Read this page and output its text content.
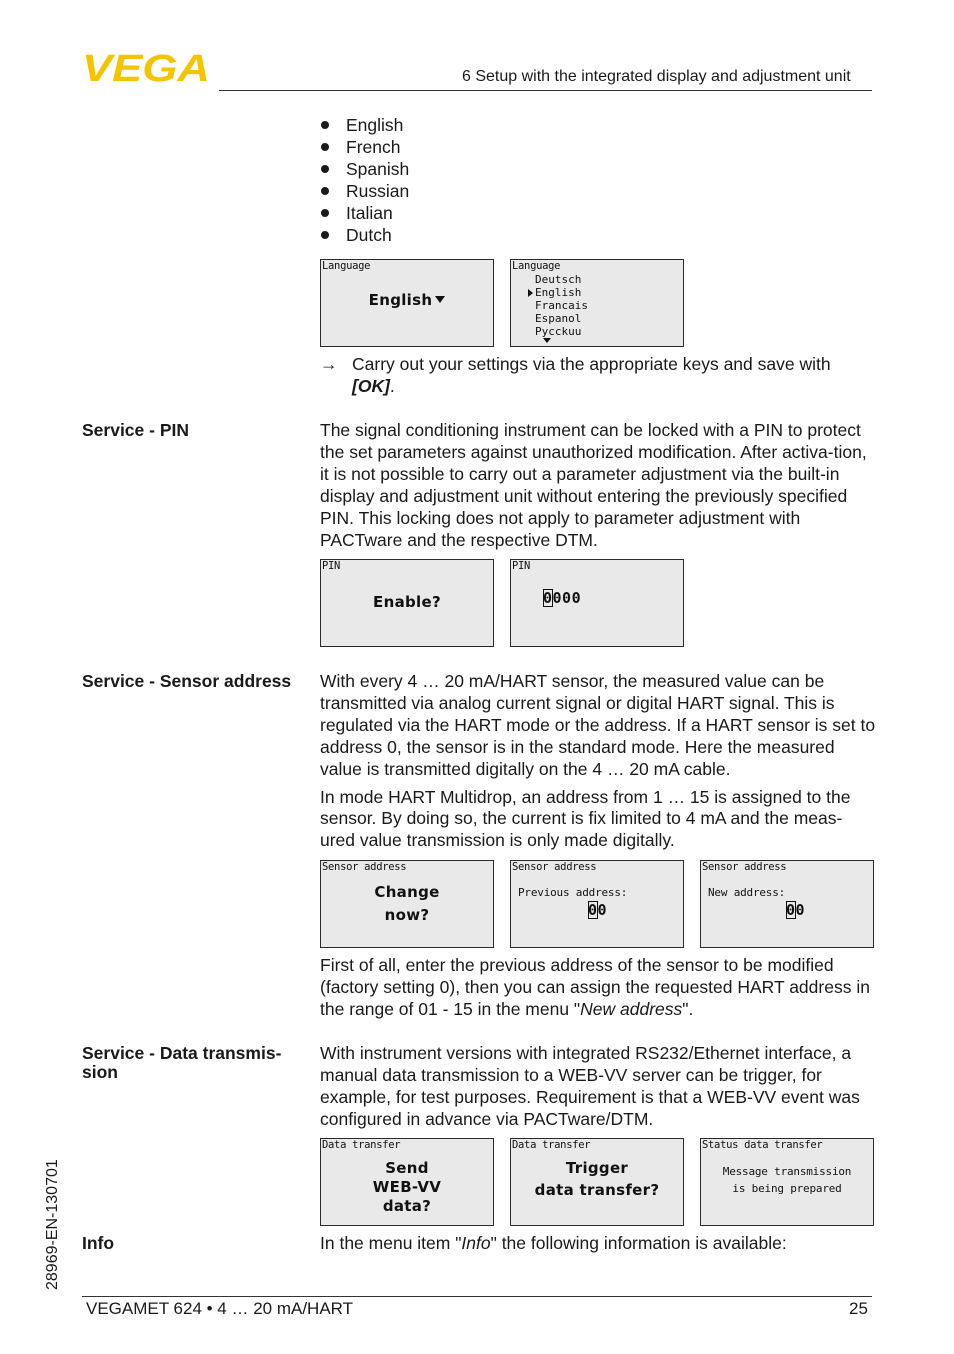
VEGA	6 Setup with the integrated display and adjustment unit
English
French
Spanish
Russian
Italian
Dutch
Language
English
Language
Deutsch
English
Francais
Espanol
Pycckuu
→ Carry out your settings via the appropriate keys and save with [OK].
Service - PIN	The signal conditioning instrument can be locked with a PIN to protect the set parameters against unauthorized modification. After activa-tion, it is not possible to carry out a parameter adjustment via the built-in display and adjustment unit without entering the previously specified PIN. This locking does not apply to parameter adjustment with PACTware and the respective DTM.

PIN
Enable?
PIN
0000
Service - Sensor address	With every 4 … 20 mA/HART sensor, the measured value can be transmitted via analog current signal or digital HART signal. This is regulated via the HART mode or the address. If a HART sensor is set to address 0, the sensor is in the standard mode. Here the measured value is transmitted digitally on the 4 … 20 mA cable.

In mode HART Multidrop, an address from 1 … 15 is assigned to the sensor. By doing so, the current is fix limited to 4 mA and the meas-ured value transmission is only made digitally.

Sensor address
Change
now?
Sensor address
Previous address:
00
Sensor address
New address:
00

First of all, enter the previous address of the sensor to be modified (factory setting 0), then you can assign the requested HART address in the range of 01 - 15 in the menu "New address".

Service - Data transmis-
sion

With instrument versions with integrated RS232/Ethernet interface, a manual data transmission to a WEB-VV server can be trigger, for example, for test purposes. Requirement is that a WEB-VV event was configured in advance via PACTware/DTM.

Data transfer
Send
WEB-VV
data?
Data transfer
Trigger
data transfer?
Status data transfer
Message transmission
is being prepared
Info	In the menu item "Info" the following information is available:

28969-EN-130701
VEGAMET 624 • 4 … 20 mA/HART	25
